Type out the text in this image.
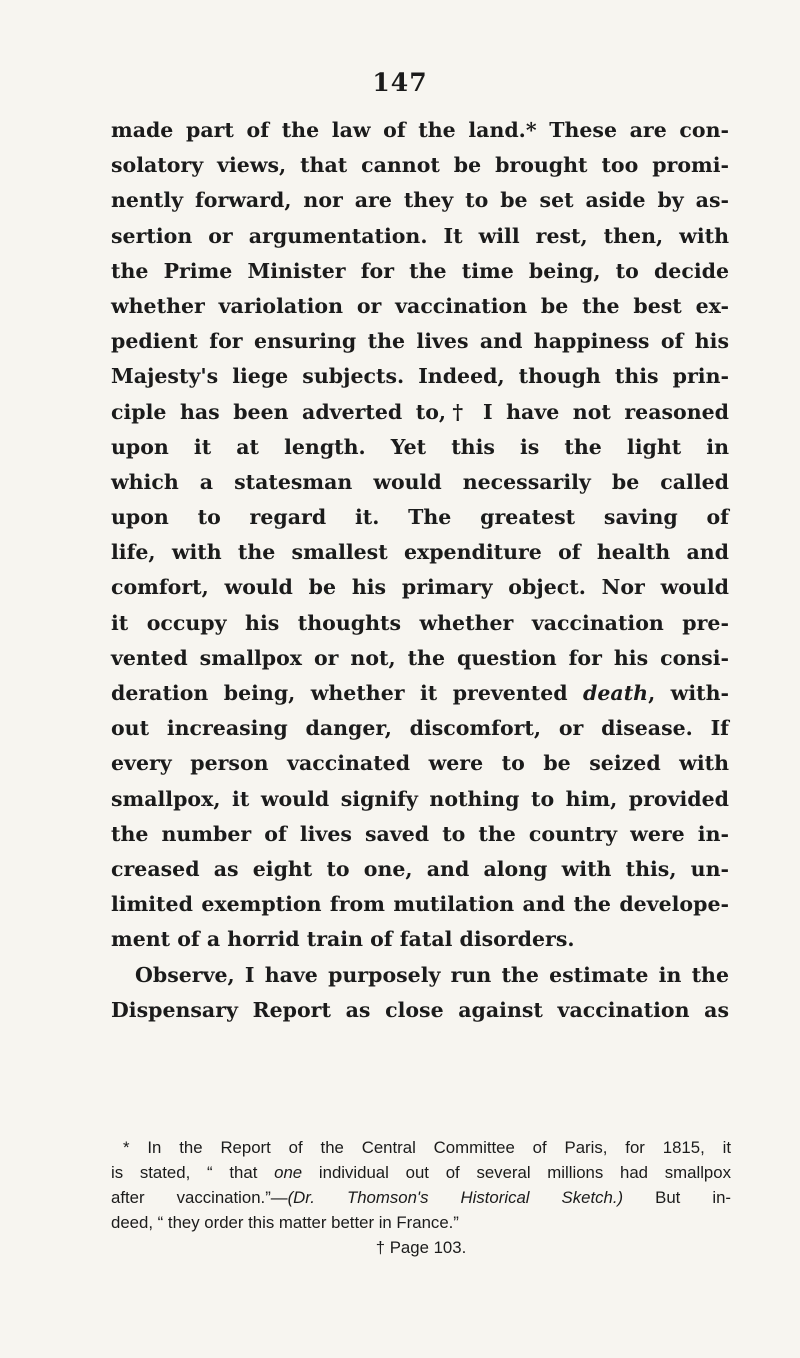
147
made part of the law of the land.* These are con-
solatory views, that cannot be brought too promi-
nently forward, nor are they to be set aside by as-
sertion or argumentation. It will rest, then, with
the Prime Minister for the time being, to decide
whether variolation or vaccination be the best ex-
pedient for ensuring the lives and happiness of his
Majesty's liege subjects. Indeed, though this prin-
ciple has been adverted to,† I have not reasoned
upon it at length. Yet this is the light in
which a statesman would necessarily be called
upon to regard it. The greatest saving of
life, with the smallest expenditure of health and
comfort, would be his primary object. Nor would
it occupy his thoughts whether vaccination pre-
vented smallpox or not, the question for his consi-
deration being, whether it prevented death, with-
out increasing danger, discomfort, or disease. If
every person vaccinated were to be seized with
smallpox, it would signify nothing to him, provided
the number of lives saved to the country were in-
creased as eight to one, and along with this, un-
limited exemption from mutilation and the develope-
ment of a horrid train of fatal disorders.
Observe, I have purposely run the estimate in the
Dispensary Report as close against vaccination as
* In the Report of the Central Committee of Paris, for 1815, it
is stated, “ that one individual out of several millions had smallpox
after vaccination.”—(Dr. Thomson's Historical Sketch.) But in-
deed, “ they order this matter better in France.”
† Page 103.
